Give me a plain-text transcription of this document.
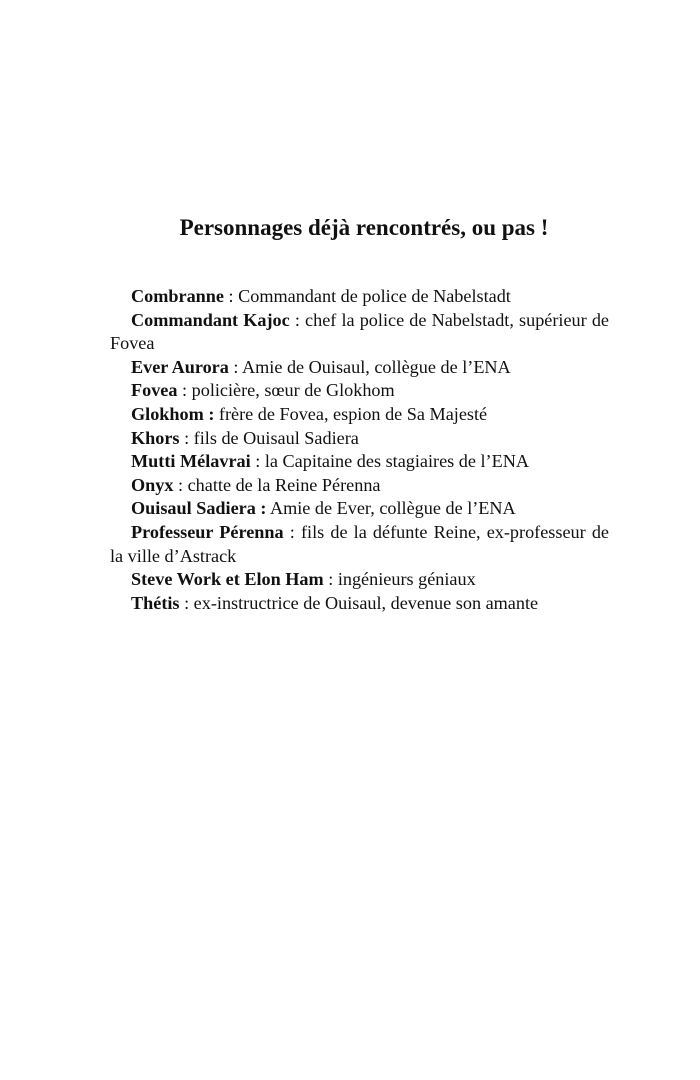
Personnages déjà rencontrés, ou pas !

Combranne : Commandant de police de Nabelstadt

Commandant Kajoc : chef la police de Nabelstadt, supérieur de Fovea

Ever Aurora : Amie de Ouisaul, collègue de l’ENA

Fovea : policière, sœur de Glokhom

Glokhom : frère de Fovea, espion de Sa Majesté

Khors : fils de Ouisaul Sadiera

Mutti Mélavrai : la Capitaine des stagiaires de l’ENA

Onyx : chatte de la Reine Pérenna

Ouisaul Sadiera : Amie de Ever, collègue de l’ENA

Professeur Pérenna : fils de la défunte Reine, ex-professeur de la ville d’Astrack

Steve Work et Elon Ham : ingénieurs géniaux

Thétis : ex-instructrice de Ouisaul, devenue son amante
